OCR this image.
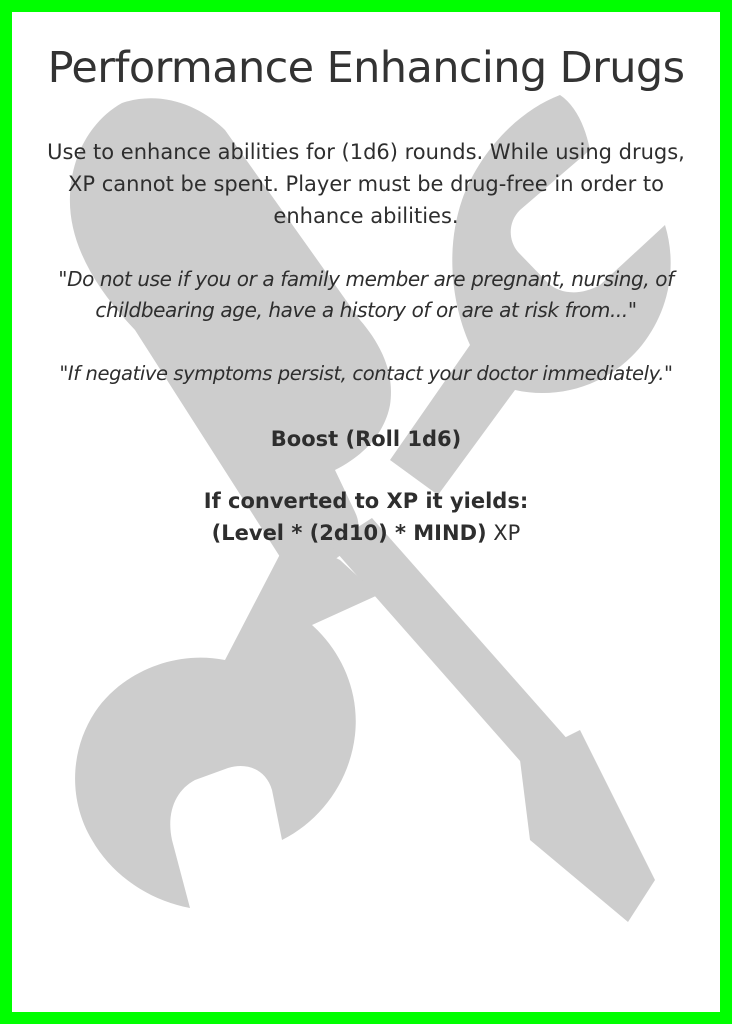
Performance Enhancing Drugs

Use to enhance abilities for (1d6) rounds. While using drugs, XP cannot be spent. Player must be drug-free in order to enhance abilities.

"Do not use if you or a family member are pregnant, nursing, of childbearing age, have a history of or are at risk from..."

"If negative symptoms persist, contact your doctor immediately."

Boost (Roll 1d6)

If converted to XP it yields:
(Level * (2d10) * MIND) XP
